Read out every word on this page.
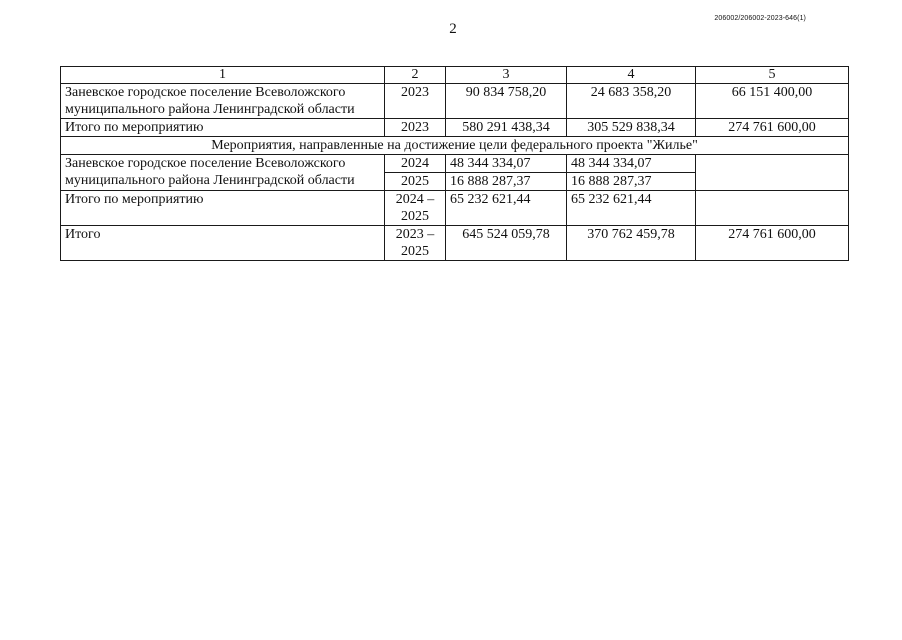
2
206002/206002-2023-646(1)
1	2	3	4	5

Заневское городское поселение Всеволожского
муниципального района Ленинградской области	2023	90 834 758,20	24 683 358,20	66 151 400,00
Итого по мероприятию	2023	580 291 438,34	305 529 838,34	274 761 600,00
Мероприятия, направленные на достижение цели федерального проекта "Жилье"				

Заневское городское поселение Всеволожского
муниципального района Ленинградской области	2024	48 344 334,07	48 344 334,07	
	2025	16 888 287,37	16 888 287,37	
Итого по мероприятию	2024 –
2025	65 232 621,44	65 232 621,44	
Итого	2023 –
2025	645 524 059,78	370 762 459,78	274 761 600,00
